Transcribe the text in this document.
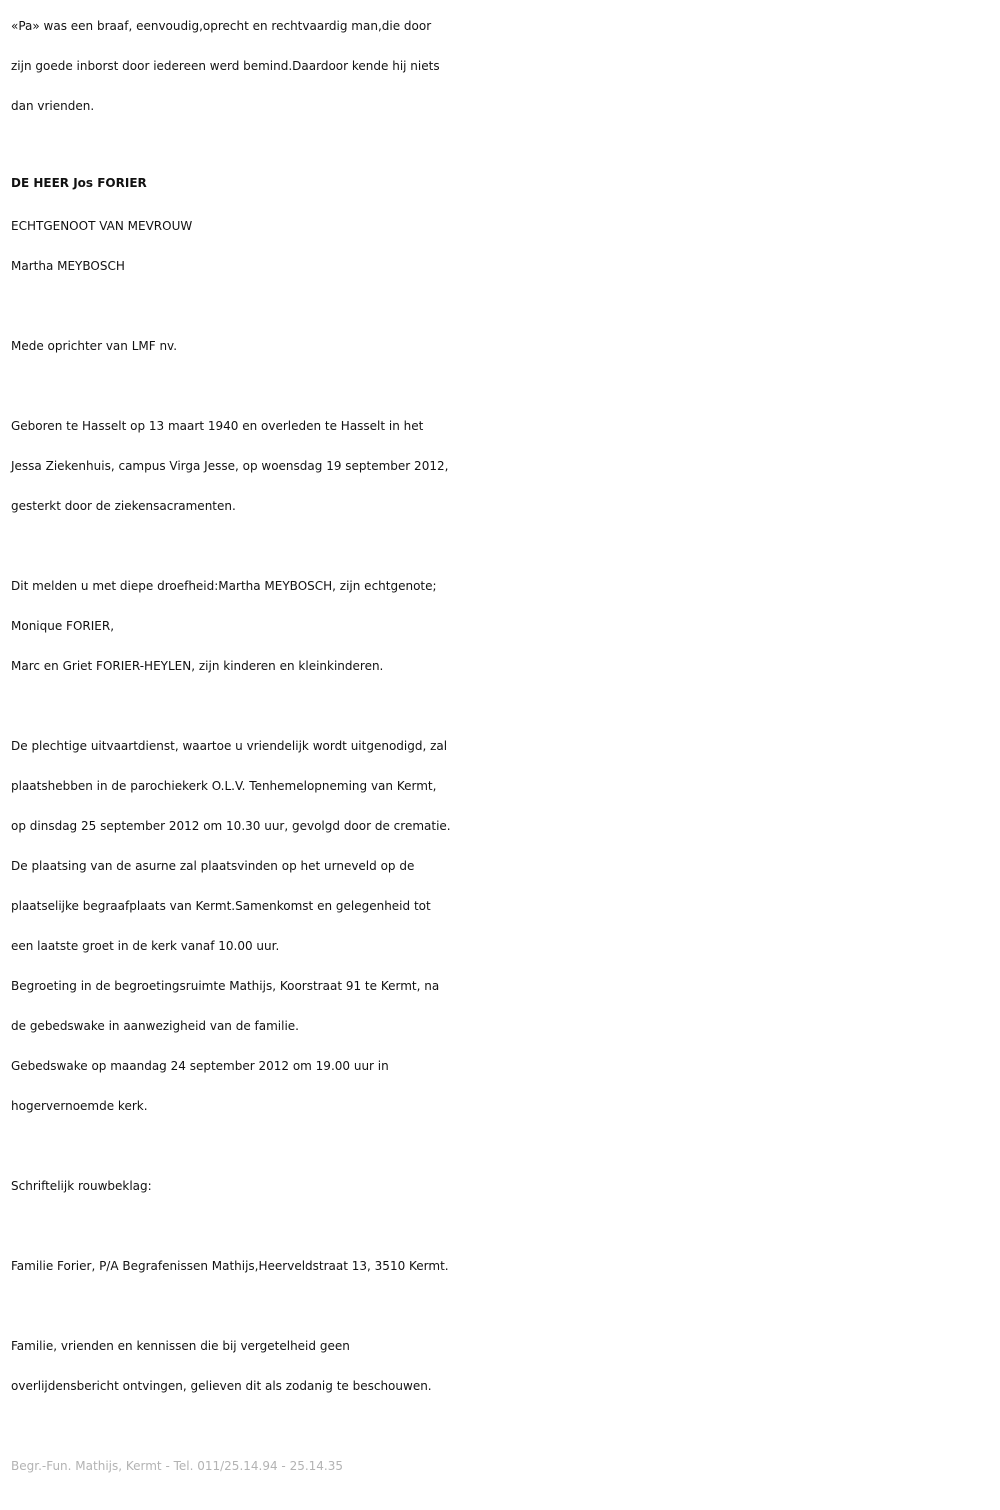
«Pa» was een braaf, eenvoudig,oprecht en rechtvaardig man,die door

zijn goede inborst door iedereen werd bemind.Daardoor kende hij niets

dan vrienden.

DE HEER Jos FORIER

ECHTGENOOT VAN MEVROUW

Martha MEYBOSCH

Mede oprichter van LMF nv.

Geboren te Hasselt op 13 maart 1940 en overleden te Hasselt in het

Jessa Ziekenhuis, campus Virga Jesse, op woensdag 19 september 2012,

gesterkt door de ziekensacramenten.

Dit melden u met diepe droefheid:Martha MEYBOSCH, zijn echtgenote;

Monique FORIER,

Marc en Griet FORIER-HEYLEN, zijn kinderen en kleinkinderen.

De plechtige uitvaartdienst, waartoe u vriendelijk wordt uitgenodigd, zal

plaatshebben in de parochiekerk O.L.V. Tenhemelopneming van Kermt,

op dinsdag 25 september 2012 om 10.30 uur, gevolgd door de crematie.

De plaatsing van de asurne zal plaatsvinden op het urneveld op de

plaatselijke begraafplaats van Kermt.Samenkomst en gelegenheid tot

een laatste groet in de kerk vanaf 10.00 uur.

Begroeting in de begroetingsruimte Mathijs, Koorstraat 91 te Kermt, na

de gebedswake in aanwezigheid van de familie.

Gebedswake op maandag 24 september 2012 om 19.00 uur in

hogervernoemde kerk.

Schriftelijk rouwbeklag:

Familie Forier, P/A Begrafenissen Mathijs,Heerveldstraat 13, 3510 Kermt.

Familie, vrienden en kennissen die bij vergetelheid geen

overlijdensbericht ontvingen, gelieven dit als zodanig te beschouwen.

Begr.-Fun. Mathijs, Kermt - Tel. 011/25.14.94 - 25.14.35
